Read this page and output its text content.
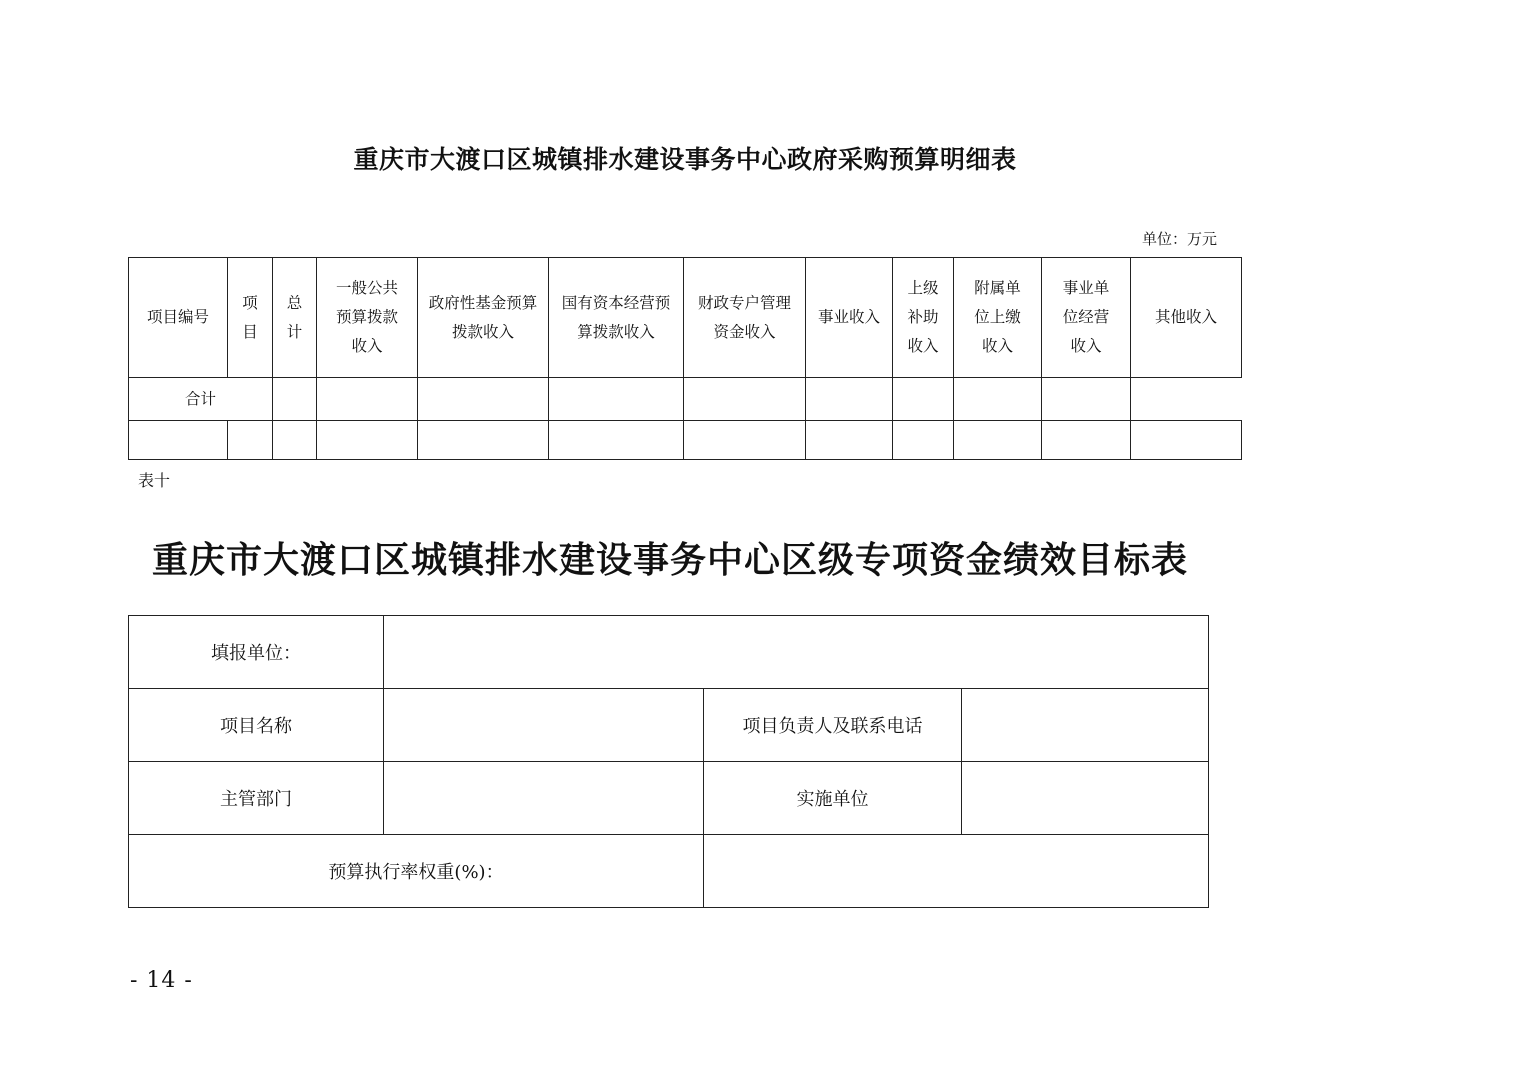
重庆市大渡口区城镇排水建设事务中心政府采购预算明细表
单位：万元
项目编号	项目	总计	一般公共预算拨款收入	政府性基金预算拨款收入	国有资本经营预算拨款收入	财政专户管理资金收入	事业收入	上级补助收入	附属单位上缴收入	事业单位经营收入	其他收入
合计											

表十
重庆市大渡口区城镇排水建设事务中心区级专项资金绩效目标表
填报单位：			
项目名称		项目负责人及联系电话	
主管部门		实施单位	
预算执行率权重(%)：			
- 14 -
